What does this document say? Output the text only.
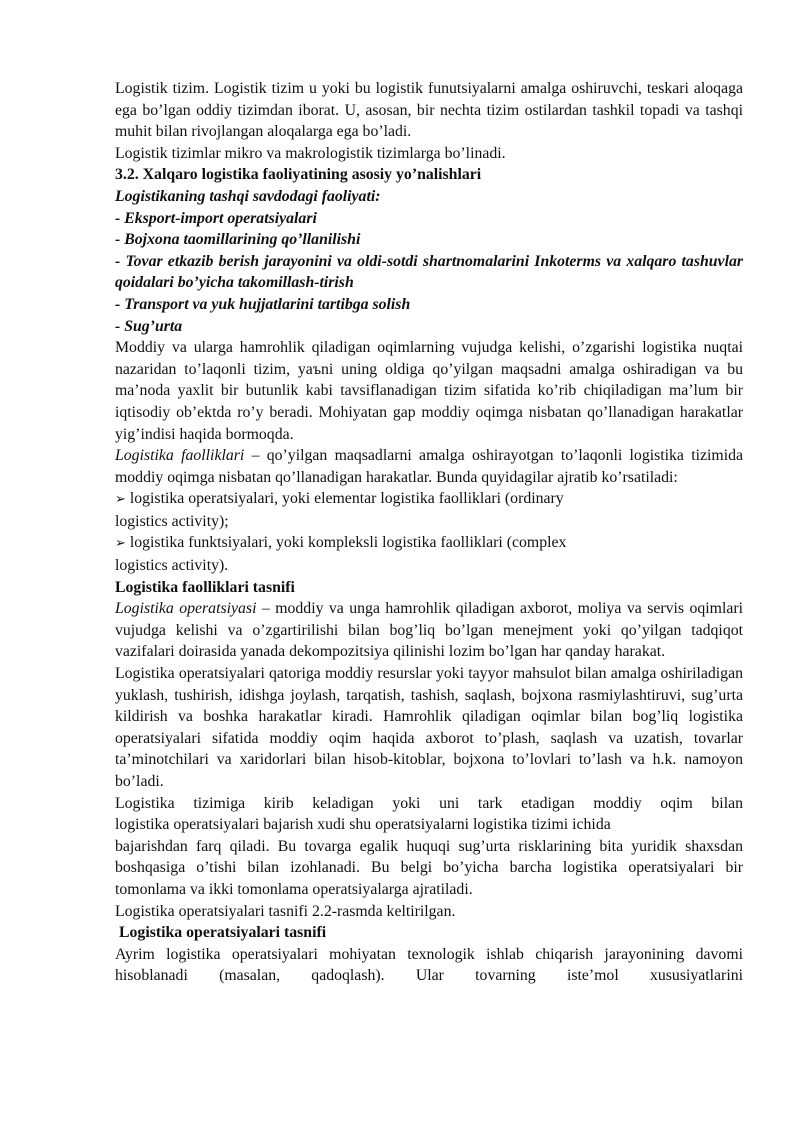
Logistik tizim. Logistik tizim u yoki bu logistik funutsiyalarni amalga oshiruvchi, teskari aloqaga ega bo’lgan oddiy tizimdan iborat. U, asosan, bir nechta tizim ostilardan tashkil topadi va tashqi muhit bilan rivojlangan aloqalarga ega bo’ladi.

Logistik tizimlar mikro va makrologistik tizimlarga bo’linadi.

3.2. Xalqaro logistika faoliyatining asosiy yo’nalishlari

Logistikaning tashqi savdodagi faoliyati:

- Eksport-import operatsiyalari

- Bojxona taomillarining qo’llanilishi

- Tovar etkazib berish jarayonini va oldi-sotdi shartnomalarini Inkoterms va xalqaro tashuvlar qoidalari bo’yicha takomillash-tirish

- Transport va yuk hujjatlarini tartibga solish

- Sug’urta

Moddiy va ularga hamrohlik qiladigan oqimlarning vujudga kelishi, o’zgarishi logistika nuqtai nazaridan to’laqonli tizim, yaъni uning oldiga qo’yilgan maqsadni amalga oshiradigan va bu ma’noda yaxlit bir butunlik kabi tavsiflanadigan tizim sifatida ko’rib chiqiladigan ma’lum bir iqtisodiy ob’ektda ro’y beradi. Mohiyatan gap moddiy oqimga nisbatan qo’llanadigan harakatlar yig’indisi haqida bormoqda.

Logistika faolliklari – qo’yilgan maqsadlarni amalga oshirayotgan to’laqonli logistika tizimida moddiy oqimga nisbatan qo’llanadigan harakatlar. Bunda quyidagilar ajratib ko’rsatiladi:

➢ logistika operatsiyalari, yoki elementar logistika faolliklari (ordinary

logistics activity);

➢ logistika funktsiyalari, yoki kompleksli logistika faolliklari (complex

logistics activity).

Logistika faolliklari tasnifi

Logistika operatsiyasi – moddiy va unga hamrohlik qiladigan axborot, moliya va servis oqimlari vujudga kelishi va o’zgartirilishi bilan bog’liq bo’lgan menejment yoki qo’yilgan tadqiqot vazifalari doirasida yanada dekompozitsiya qilinishi lozim bo’lgan har qanday harakat.

Logistika operatsiyalari qatoriga moddiy resurslar yoki tayyor mahsulot bilan amalga oshiriladigan yuklash, tushirish, idishga joylash, tarqatish, tashish, saqlash, bojxona rasmiylashtiruvi, sug’urta kildirish va boshka harakatlar kiradi. Hamrohlik qiladigan oqimlar bilan bog’liq logistika operatsiyalari sifatida moddiy oqim haqida axborot to’plash, saqlash va uzatish, tovarlar ta’minotchilari va xaridorlari bilan hisob-kitoblar, bojxona to’lovlari to’lash va h.k. namoyon bo’ladi.

Logistika tizimiga kirib keladigan yoki uni tark etadigan moddiy oqim bilan

logistika operatsiyalari bajarish xudi shu operatsiyalarni logistika tizimi ichida

bajarishdan farq qiladi. Bu tovarga egalik huquqi sug’urta risklarining bita yuridik shaxsdan boshqasiga o’tishi bilan izohlanadi. Bu belgi bo’yicha barcha logistika operatsiyalari bir tomonlama va ikki tomonlama operatsiyalarga ajratiladi.

Logistika operatsiyalari tasnifi 2.2-rasmda keltirilgan.

Logistika operatsiyalari tasnifi

Ayrim logistika operatsiyalari mohiyatan texnologik ishlab chiqarish jarayonining davomi hisoblanadi (masalan, qadoqlash). Ular tovarning iste’mol xususiyatlarini
